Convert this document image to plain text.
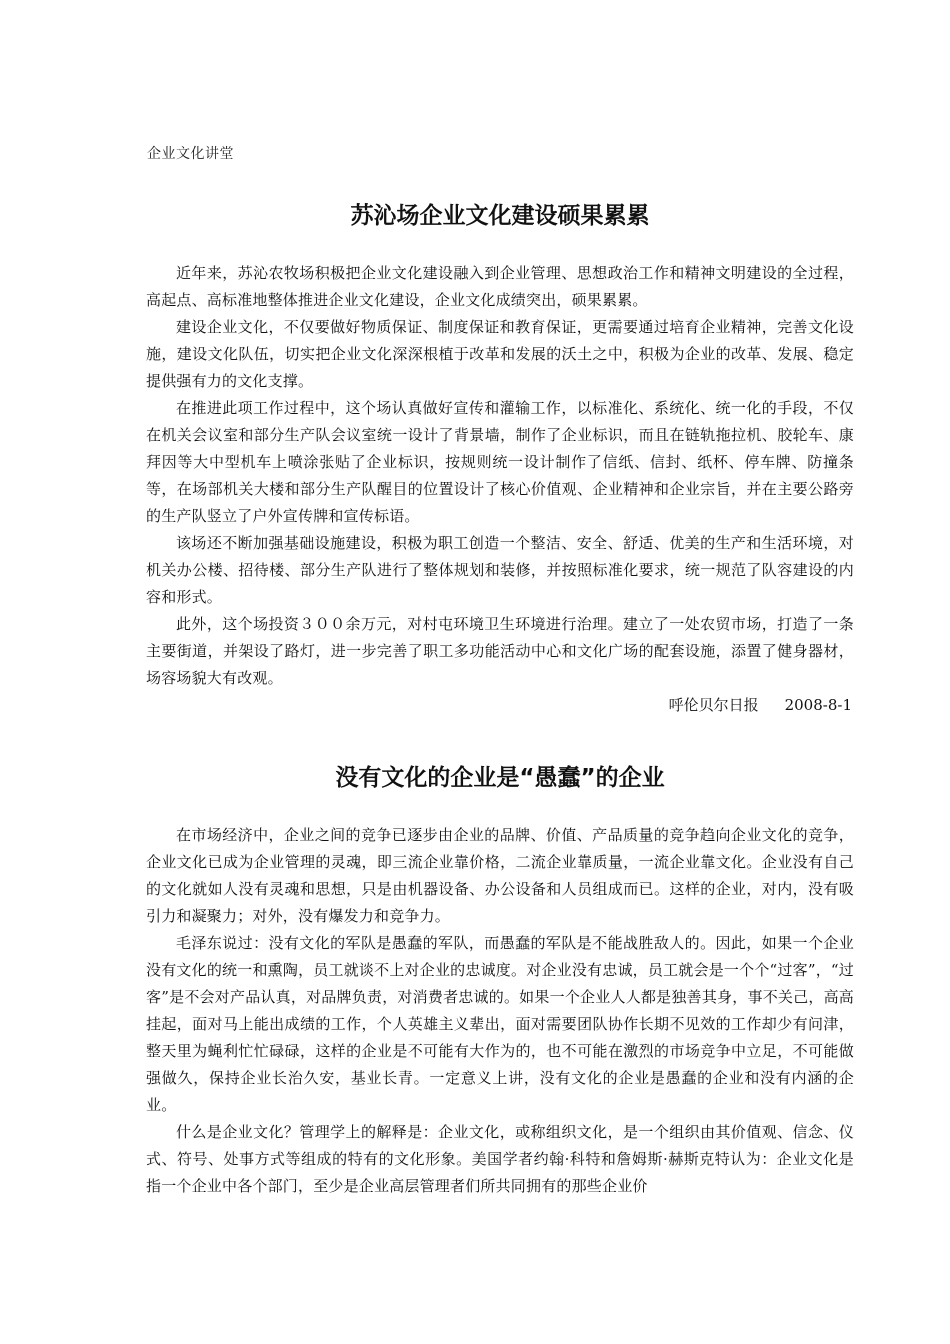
企业文化讲堂
苏沁场企业文化建设硕果累累

近年来，苏沁农牧场积极把企业文化建设融入到企业管理、思想政治工作和精神文明建设的全过程，高起点、高标准地整体推进企业文化建设，企业文化成绩突出，硕果累累。

建设企业文化，不仅要做好物质保证、制度保证和教育保证，更需要通过培育企业精神，完善文化设施，建设文化队伍，切实把企业文化深深根植于改革和发展的沃土之中，积极为企业的改革、发展、稳定提供强有力的文化支撑。

在推进此项工作过程中，这个场认真做好宣传和灌输工作，以标准化、系统化、统一化的手段，不仅在机关会议室和部分生产队会议室统一设计了背景墙，制作了企业标识，而且在链轨拖拉机、胶轮车、康拜因等大中型机车上喷涂张贴了企业标识，按规则统一设计制作了信纸、信封、纸杯、停车牌、防撞条等，在场部机关大楼和部分生产队醒目的位置设计了核心价值观、企业精神和企业宗旨，并在主要公路旁的生产队竖立了户外宣传牌和宣传标语。

该场还不断加强基础设施建设，积极为职工创造一个整洁、安全、舒适、优美的生产和生活环境，对机关办公楼、招待楼、部分生产队进行了整体规划和装修，并按照标准化要求，统一规范了队容建设的内容和形式。

此外，这个场投资３００余万元，对村屯环境卫生环境进行治理。建立了一处农贸市场，打造了一条主要街道，并架设了路灯，进一步完善了职工多功能活动中心和文化广场的配套设施，添置了健身器材，场容场貌大有改观。

呼伦贝尔日报 2008-8-1

没有文化的企业是“愚蠢”的企业

在市场经济中，企业之间的竞争已逐步由企业的品牌、价值、产品质量的竞争趋向企业文化的竞争，企业文化已成为企业管理的灵魂，即三流企业靠价格，二流企业靠质量，一流企业靠文化。企业没有自己的文化就如人没有灵魂和思想，只是由机器设备、办公设备和人员组成而已。这样的企业，对内，没有吸引力和凝聚力；对外，没有爆发力和竞争力。

毛泽东说过：没有文化的军队是愚蠢的军队，而愚蠢的军队是不能战胜敌人的。因此，如果一个企业没有文化的统一和熏陶，员工就谈不上对企业的忠诚度。对企业没有忠诚，员工就会是一个个“过客”，“过客”是不会对产品认真，对品牌负责，对消费者忠诚的。如果一个企业人人都是独善其身，事不关己，高高挂起，面对马上能出成绩的工作，个人英雄主义辈出，面对需要团队协作长期不见效的工作却少有问津，整天里为蝇利忙忙碌碌，这样的企业是不可能有大作为的，也不可能在激烈的市场竞争中立足，不可能做强做久，保持企业长治久安，基业长青。一定意义上讲，没有文化的企业是愚蠢的企业和没有内涵的企业。

什么是企业文化？管理学上的解释是：企业文化，或称组织文化，是一个组织由其价值观、信念、仪式、符号、处事方式等组成的特有的文化形象。美国学者约翰·科特和詹姆斯·赫斯克特认为：企业文化是指一个企业中各个部门，至少是企业高层管理者们所共同拥有的那些企业价
